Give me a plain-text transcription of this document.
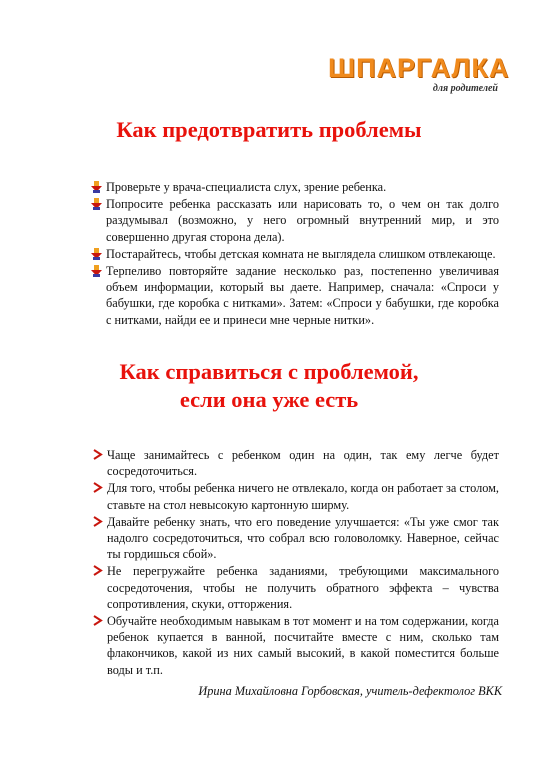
ШПАРГАЛКА
для родителей
Как предотвратить проблемы
Проверьте у врача-специалиста слух, зрение ребенка.
Попросите ребенка рассказать или нарисовать то, о чем он так долго раздумывал (возможно, у него огромный внутренний мир, и это совершенно другая сторона дела).
Постарайтесь, чтобы детская комната не выглядела слишком отвлекающе.
Терпеливо повторяйте задание несколько раз, постепенно увеличивая объем информации, который вы даете. Например, сначала: «Спроси у бабушки, где коробка с нитками». Затем: «Спроси у бабушки, где коробка с нитками, найди ее и принеси мне черные нитки».
Как справиться с проблемой,
если она уже есть
Чаще занимайтесь с ребенком один на один, так ему легче будет сосредоточиться.
Для того, чтобы ребенка ничего не отвлекало, когда он работает за столом, ставьте на стол невысокую картонную ширму.
Давайте ребенку знать, что его поведение улучшается: «Ты уже смог так надолго сосредоточиться, что собрал всю головоломку. Наверное, сейчас ты гордишься сбой».
Не перегружайте ребенка заданиями, требующими максимального сосредоточения, чтобы не получить обратного эффекта – чувства сопротивления, скуки, отторжения.
Обучайте необходимым навыкам в тот момент и на том содержании, когда ребенок купается в ванной, посчитайте вместе с ним, сколько там флакончиков, какой из них самый высокий, в какой поместится больше воды и т.п.
Ирина Михайловна Горбовская, учитель-дефектолог ВКК
